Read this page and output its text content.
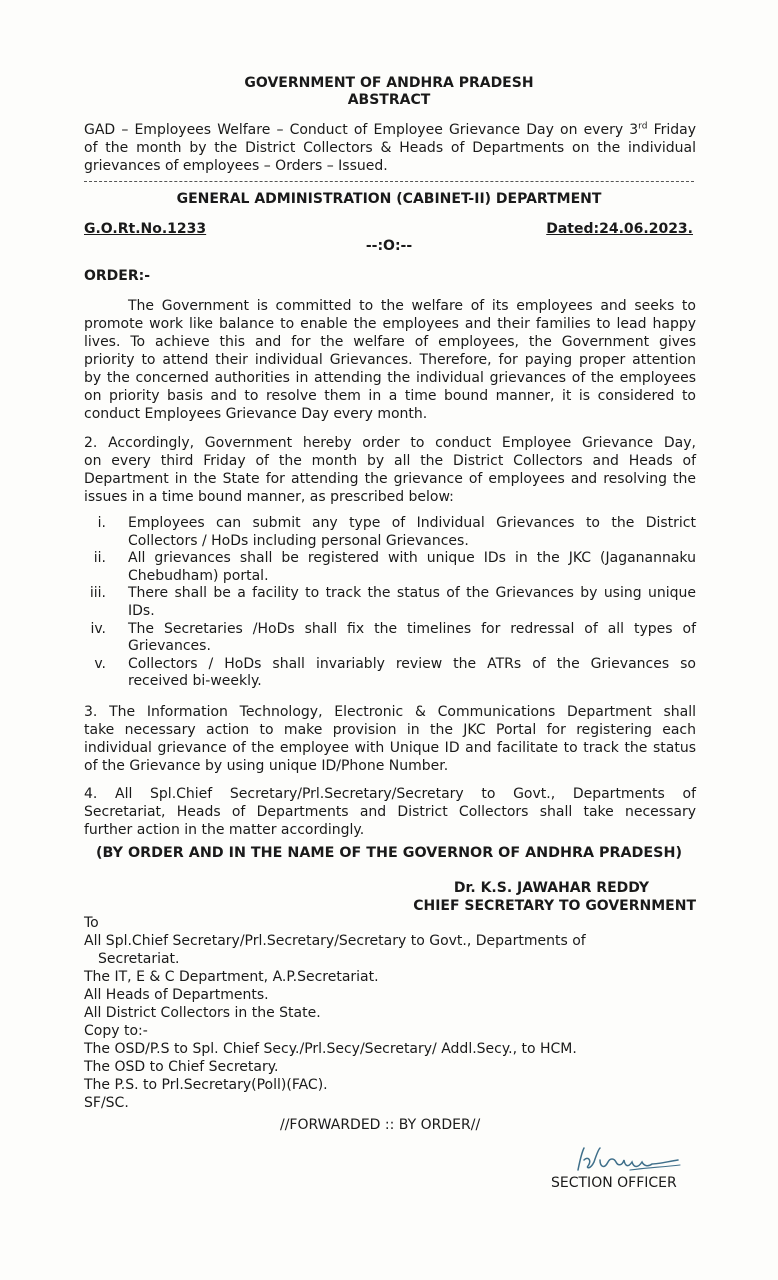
GOVERNMENT OF ANDHRA PRADESH
ABSTRACT
GAD – Employees Welfare – Conduct of Employee Grievance Day on every 3rd Friday
of the month by the District Collectors & Heads of Departments on the individual
grievances of employees – Orders – Issued.
GENERAL ADMINISTRATION (CABINET-II) DEPARTMENT
G.O.Rt.No.1233	Dated:24.06.2023.
--:O:--
ORDER:-
The Government is committed to the welfare of its employees and seeks to
promote work like balance to enable the employees and their families to lead happy
lives. To achieve this and for the welfare of employees, the Government gives
priority to attend their individual Grievances. Therefore, for paying proper attention
by the concerned authorities in attending the individual grievances of the employees
on priority basis and to resolve them in a time bound manner, it is considered to
conduct Employees Grievance Day every month.
2. Accordingly, Government hereby order to conduct Employee Grievance Day,
on every third Friday of the month by all the District Collectors and Heads of
Department in the State for attending the grievance of employees and resolving the
issues in a time bound manner, as prescribed below:
i. Employees can submit any type of Individual Grievances to the District
Collectors / HoDs including personal Grievances.
ii. All grievances shall be registered with unique IDs in the JKC (Jaganannaku
Chebudham) portal.
iii. There shall be a facility to track the status of the Grievances by using unique
IDs.
iv. The Secretaries /HoDs shall fix the timelines for redressal of all types of
Grievances.
v. Collectors / HoDs shall invariably review the ATRs of the Grievances so
received bi-weekly.
3. The Information Technology, Electronic & Communications Department shall
take necessary action to make provision in the JKC Portal for registering each
individual grievance of the employee with Unique ID and facilitate to track the status
of the Grievance by using unique ID/Phone Number.
4. All Spl.Chief Secretary/Prl.Secretary/Secretary to Govt., Departments of
Secretariat, Heads of Departments and District Collectors shall take necessary
further action in the matter accordingly.
(BY ORDER AND IN THE NAME OF THE GOVERNOR OF ANDHRA PRADESH)
Dr. K.S. JAWAHAR REDDY
CHIEF SECRETARY TO GOVERNMENT
To
All Spl.Chief Secretary/Prl.Secretary/Secretary to Govt., Departments of
Secretariat.
The IT, E & C Department, A.P.Secretariat.
All Heads of Departments.
All District Collectors in the State.
Copy to:-
The OSD/P.S to Spl. Chief Secy./Prl.Secy/Secretary/ Addl.Secy., to HCM.
The OSD to Chief Secretary.
The P.S. to Prl.Secretary(Poll)(FAC).
SF/SC.
//FORWARDED :: BY ORDER//
SECTION OFFICER
